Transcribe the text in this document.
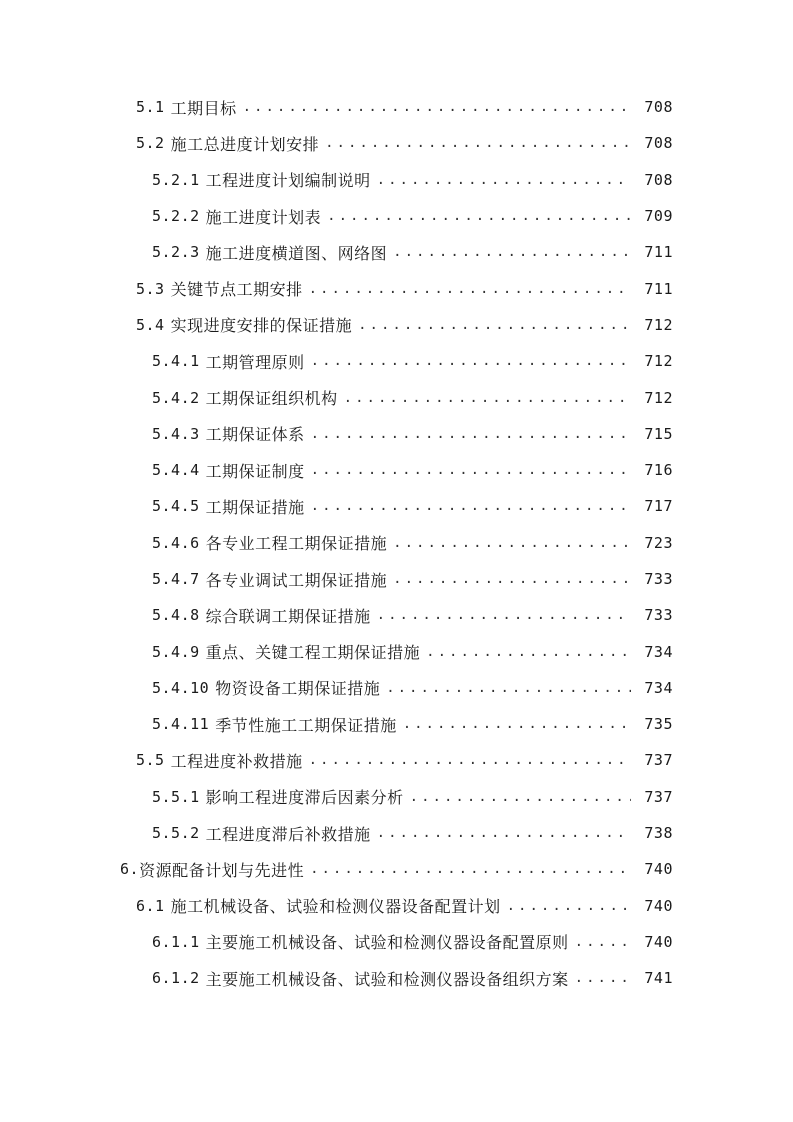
5.1 工期目标 .....	708
5.2 施工总进度计划安排 .....	708
5.2.1 工程进度计划编制说明 .....	708
5.2.2 施工进度计划表 .....	709
5.2.3 施工进度横道图、网络图 .....	711
5.3 关键节点工期安排 .....	711
5.4 实现进度安排的保证措施 .....	712
5.4.1 工期管理原则 .....	712
5.4.2 工期保证组织机构 .....	712
5.4.3 工期保证体系 .....	715
5.4.4 工期保证制度 .....	716
5.4.5 工期保证措施 .....	717
5.4.6 各专业工程工期保证措施 .....	723
5.4.7 各专业调试工期保证措施 .....	733
5.4.8 综合联调工期保证措施 .....	733
5.4.9 重点、关键工程工期保证措施 .....	734
5.4.10 物资设备工期保证措施 .....	734
5.4.11 季节性施工工期保证措施 .....	735
5.5 工程进度补救措施 .....	737
5.5.1 影响工程进度滞后因素分析 .....	737
5.5.2 工程进度滞后补救措施 .....	738
6. 资源配备计划与先进性 .....	740
6.1 施工机械设备、试验和检测仪器设备配置计划 .....	740
6.1.1 主要施工机械设备、试验和检测仪器设备配置原则 .....	740
6.1.2 主要施工机械设备、试验和检测仪器设备组织方案 .....	741
